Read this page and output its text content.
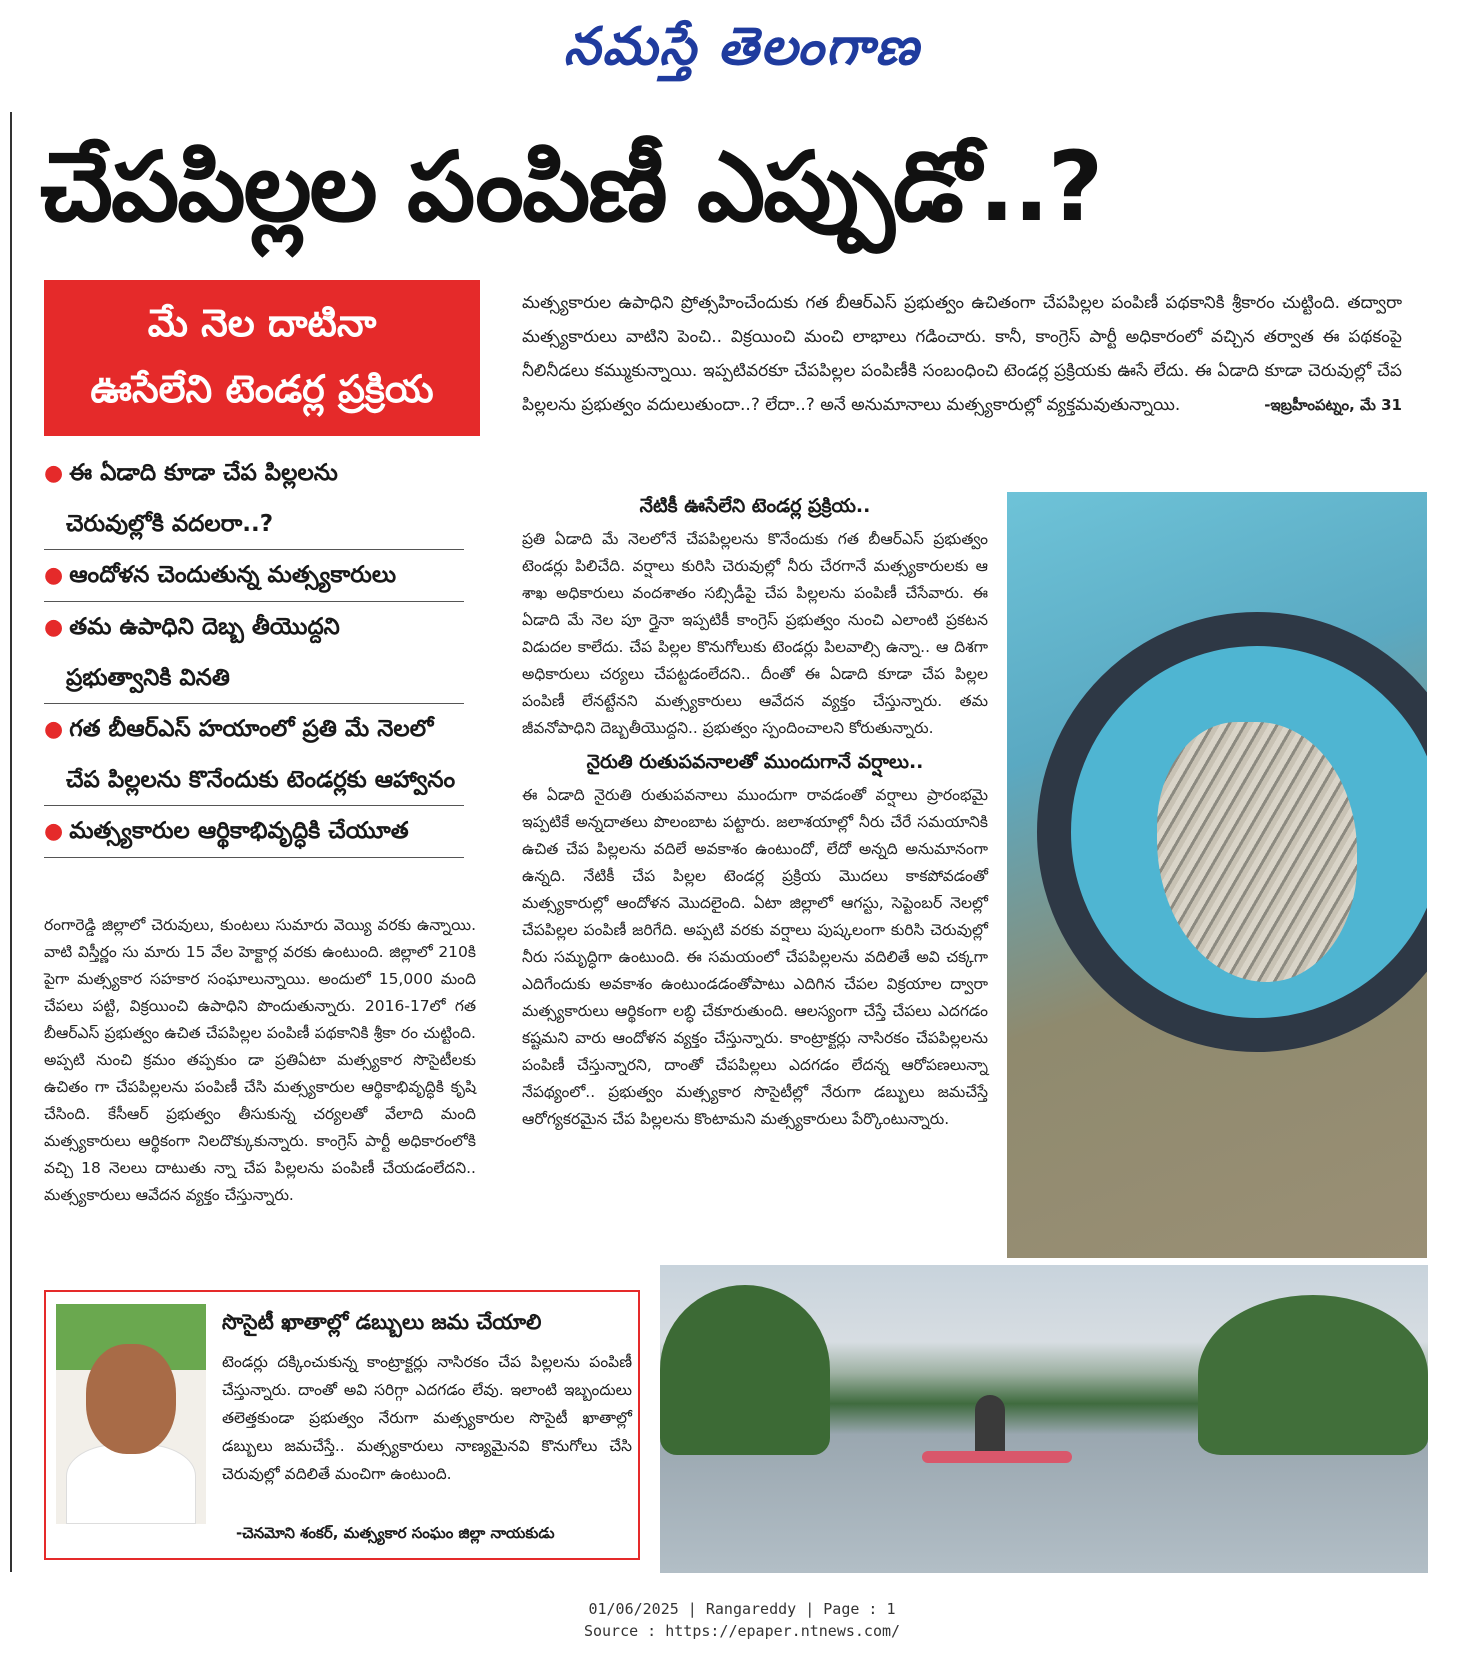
నమస్తే తెలంగాణ
చేపపిల్లల పంపిణీ ఎప్పుడో..?
మే నెల దాటినా
ఊసేలేని టెండర్ల ప్రక్రియ
● ఈ ఏడాది కూడా చేప పిల్లలను
చెరువుల్లోకి వదలరా..?
● ఆందోళన చెందుతున్న మత్స్యకారులు
● తమ ఉపాధిని దెబ్బ తీయొద్దని
ప్రభుత్వానికి వినతి
● గత బీఆర్ఎస్ హయాంలో ప్రతి మే నెలలో
చేప పిల్లలను కొనేందుకు టెండర్లకు ఆహ్వానం
● మత్స్యకారుల ఆర్థికాభివృద్ధికి చేయూత
మత్స్యకారుల ఉపాధిని ప్రోత్సహించేందుకు గత బీఆర్ఎస్ ప్రభుత్వం ఉచితంగా చేపపిల్లల పంపిణీ పథకానికి శ్రీకారం చుట్టింది. తద్వారా మత్స్యకారులు వాటిని పెంచి.. విక్రయించి మంచి లాభాలు గడించారు. కానీ, కాంగ్రెస్ పార్టీ అధికారంలో వచ్చిన తర్వాత ఈ పథకంపై నీలినీడలు కమ్ముకున్నాయి. ఇప్పటివరకూ చేపపిల్లల పంపిణీకి సంబంధించి టెండర్ల ప్రక్రియకు ఊసే లేదు. ఈ ఏడాది కూడా చెరువుల్లో చేప పిల్లలను ప్రభుత్వం వదులుతుందా..? లేదా..? అనే అనుమానాలు మత్స్యకారుల్లో వ్యక్తమవుతున్నాయి.	-ఇబ్రహీంపట్నం, మే 31
రంగారెడ్డి జిల్లాలో చెరువులు, కుంటలు సుమారు వెయ్యి వరకు ఉన్నాయి. వాటి విస్తీర్ణం సు మారు 15 వేల హెక్టార్ల వరకు ఉంటుంది. జిల్లాలో 210కి పైగా మత్స్యకార సహకార సంఘాలున్నాయి. అందులో 15,000 మంది చేపలు పట్టి, విక్రయించి ఉపాధిని పొందుతున్నారు. 2016-17లో గత బీఆర్ఎస్ ప్రభుత్వం ఉచిత చేపపిల్లల పంపిణీ పథకానికి శ్రీకా రం చుట్టింది. అప్పటి నుంచి క్రమం తప్పకుం డా ప్రతిఏటా మత్స్యకార సొసైటీలకు ఉచితం గా చేపపిల్లలను పంపిణీ చేసి మత్స్యకారుల ఆర్థికాభివృద్ధికి కృషి చేసింది. కేసీఆర్ ప్రభుత్వం తీసుకున్న చర్యలతో వేలాది మంది మత్స్యకారులు ఆర్థికంగా నిలదొక్కుకున్నారు. కాంగ్రెస్ పార్టీ అధికారంలోకి వచ్చి 18 నెలలు దాటుతు న్నా చేప పిల్లలను పంపిణీ చేయడంలేదని.. మత్స్యకారులు ఆవేదన వ్యక్తం చేస్తున్నారు.
నేటికీ ఊసేలేని టెండర్ల ప్రక్రియ..
ప్రతి ఏడాది మే నెలలోనే చేపపిల్లలను కొనేందుకు గత బీఆర్ఎస్ ప్రభుత్వం టెండర్లు పిలిచేది. వర్షాలు కురిసి చెరువుల్లో నీరు చేరగానే మత్స్యకారులకు ఆ శాఖ అధికారులు వందశాతం సబ్సిడీపై చేప పిల్లలను పంపిణీ చేసేవారు. ఈ ఏడాది మే నెల పూ ర్తైనా ఇప్పటికీ కాంగ్రెస్ ప్రభుత్వం నుంచి ఎలాంటి ప్రకటన విడుదల కాలేదు. చేప పిల్లల కొనుగోలుకు టెండర్లు పిలవాల్సి ఉన్నా.. ఆ దిశగా అధికారులు చర్యలు చేపట్టడంలేదని.. దీంతో ఈ ఏడాది కూడా చేప పిల్లల పంపిణీ లేనట్టేనని మత్స్యకారులు ఆవేదన వ్యక్తం చేస్తున్నారు. తమ జీవనోపాధిని దెబ్బతీయొద్దని.. ప్రభుత్వం స్పందించాలని కోరుతున్నారు.
నైరుతి రుతుపవనాలతో ముందుగానే వర్షాలు..
ఈ ఏడాది నైరుతి రుతుపవనాలు ముందుగా రావడంతో వర్షాలు ప్రారంభమై ఇప్పటికే అన్నదాతలు పొలంబాట పట్టారు. జలాశయాల్లో నీరు చేరే సమయానికి ఉచిత చేప పిల్లలను వదిలే అవకాశం ఉంటుందో, లేదో అన్నది అనుమానంగా ఉన్నది. నేటికీ చేప పిల్లల టెండర్ల ప్రక్రియ మొదలు కాకపోవడంతో మత్స్యకారుల్లో ఆందోళన మొదలైంది. ఏటా జిల్లాలో ఆగస్టు, సెప్టెంబర్ నెలల్లో చేపపిల్లల పంపిణీ జరిగేది. అప్పటి వరకు వర్షాలు పుష్కలంగా కురిసి చెరువుల్లో నీరు సమృద్ధిగా ఉంటుంది. ఈ సమయంలో చేపపిల్లలను వదిలితే అవి చక్కగా ఎదిగేందుకు అవకాశం ఉంటుండడంతోపాటు ఎదిగిన చేపల విక్రయాల ద్వారా మత్స్యకారులు ఆర్థికంగా లబ్ధి చేకూరుతుంది. ఆలస్యంగా చేస్తే చేపలు ఎదగడం కష్టమని వారు ఆందోళన వ్యక్తం చేస్తున్నారు. కాంట్రాక్టర్లు నాసిరకం చేపపిల్లలను పంపిణీ చేస్తున్నారని, దాంతో చేపపిల్లలు ఎదగడం లేదన్న ఆరోపణలున్నా నేపథ్యంలో.. ప్రభుత్వం మత్స్యకార సొసైటీల్లో నేరుగా డబ్బులు జమచేస్తే ఆరోగ్యకరమైన చేప పిల్లలను కొంటామని మత్స్యకారులు పేర్కొంటున్నారు.
సొసైటీ ఖాతాల్లో డబ్బులు జమ చేయాలి
టెండర్లు దక్కించుకున్న కాంట్రాక్టర్లు నాసిరకం చేప పిల్లలను పంపిణీ చేస్తున్నారు. దాంతో అవి సరిగ్గా ఎదగడం లేవు. ఇలాంటి ఇబ్బందులు తలెత్తకుండా ప్రభుత్వం నేరుగా మత్స్యకారుల సొసైటీ ఖాతాల్లో డబ్బులు జమచేస్తే.. మత్స్యకారులు నాణ్యమైనవి కొనుగోలు చేసి చెరువుల్లో వదిలితే మంచిగా ఉంటుంది.
-చెనమోని శంకర్, మత్స్యకార సంఘం జిల్లా నాయకుడు
01/06/2025 | Rangareddy | Page : 1
Source : https://epaper.ntnews.com/
